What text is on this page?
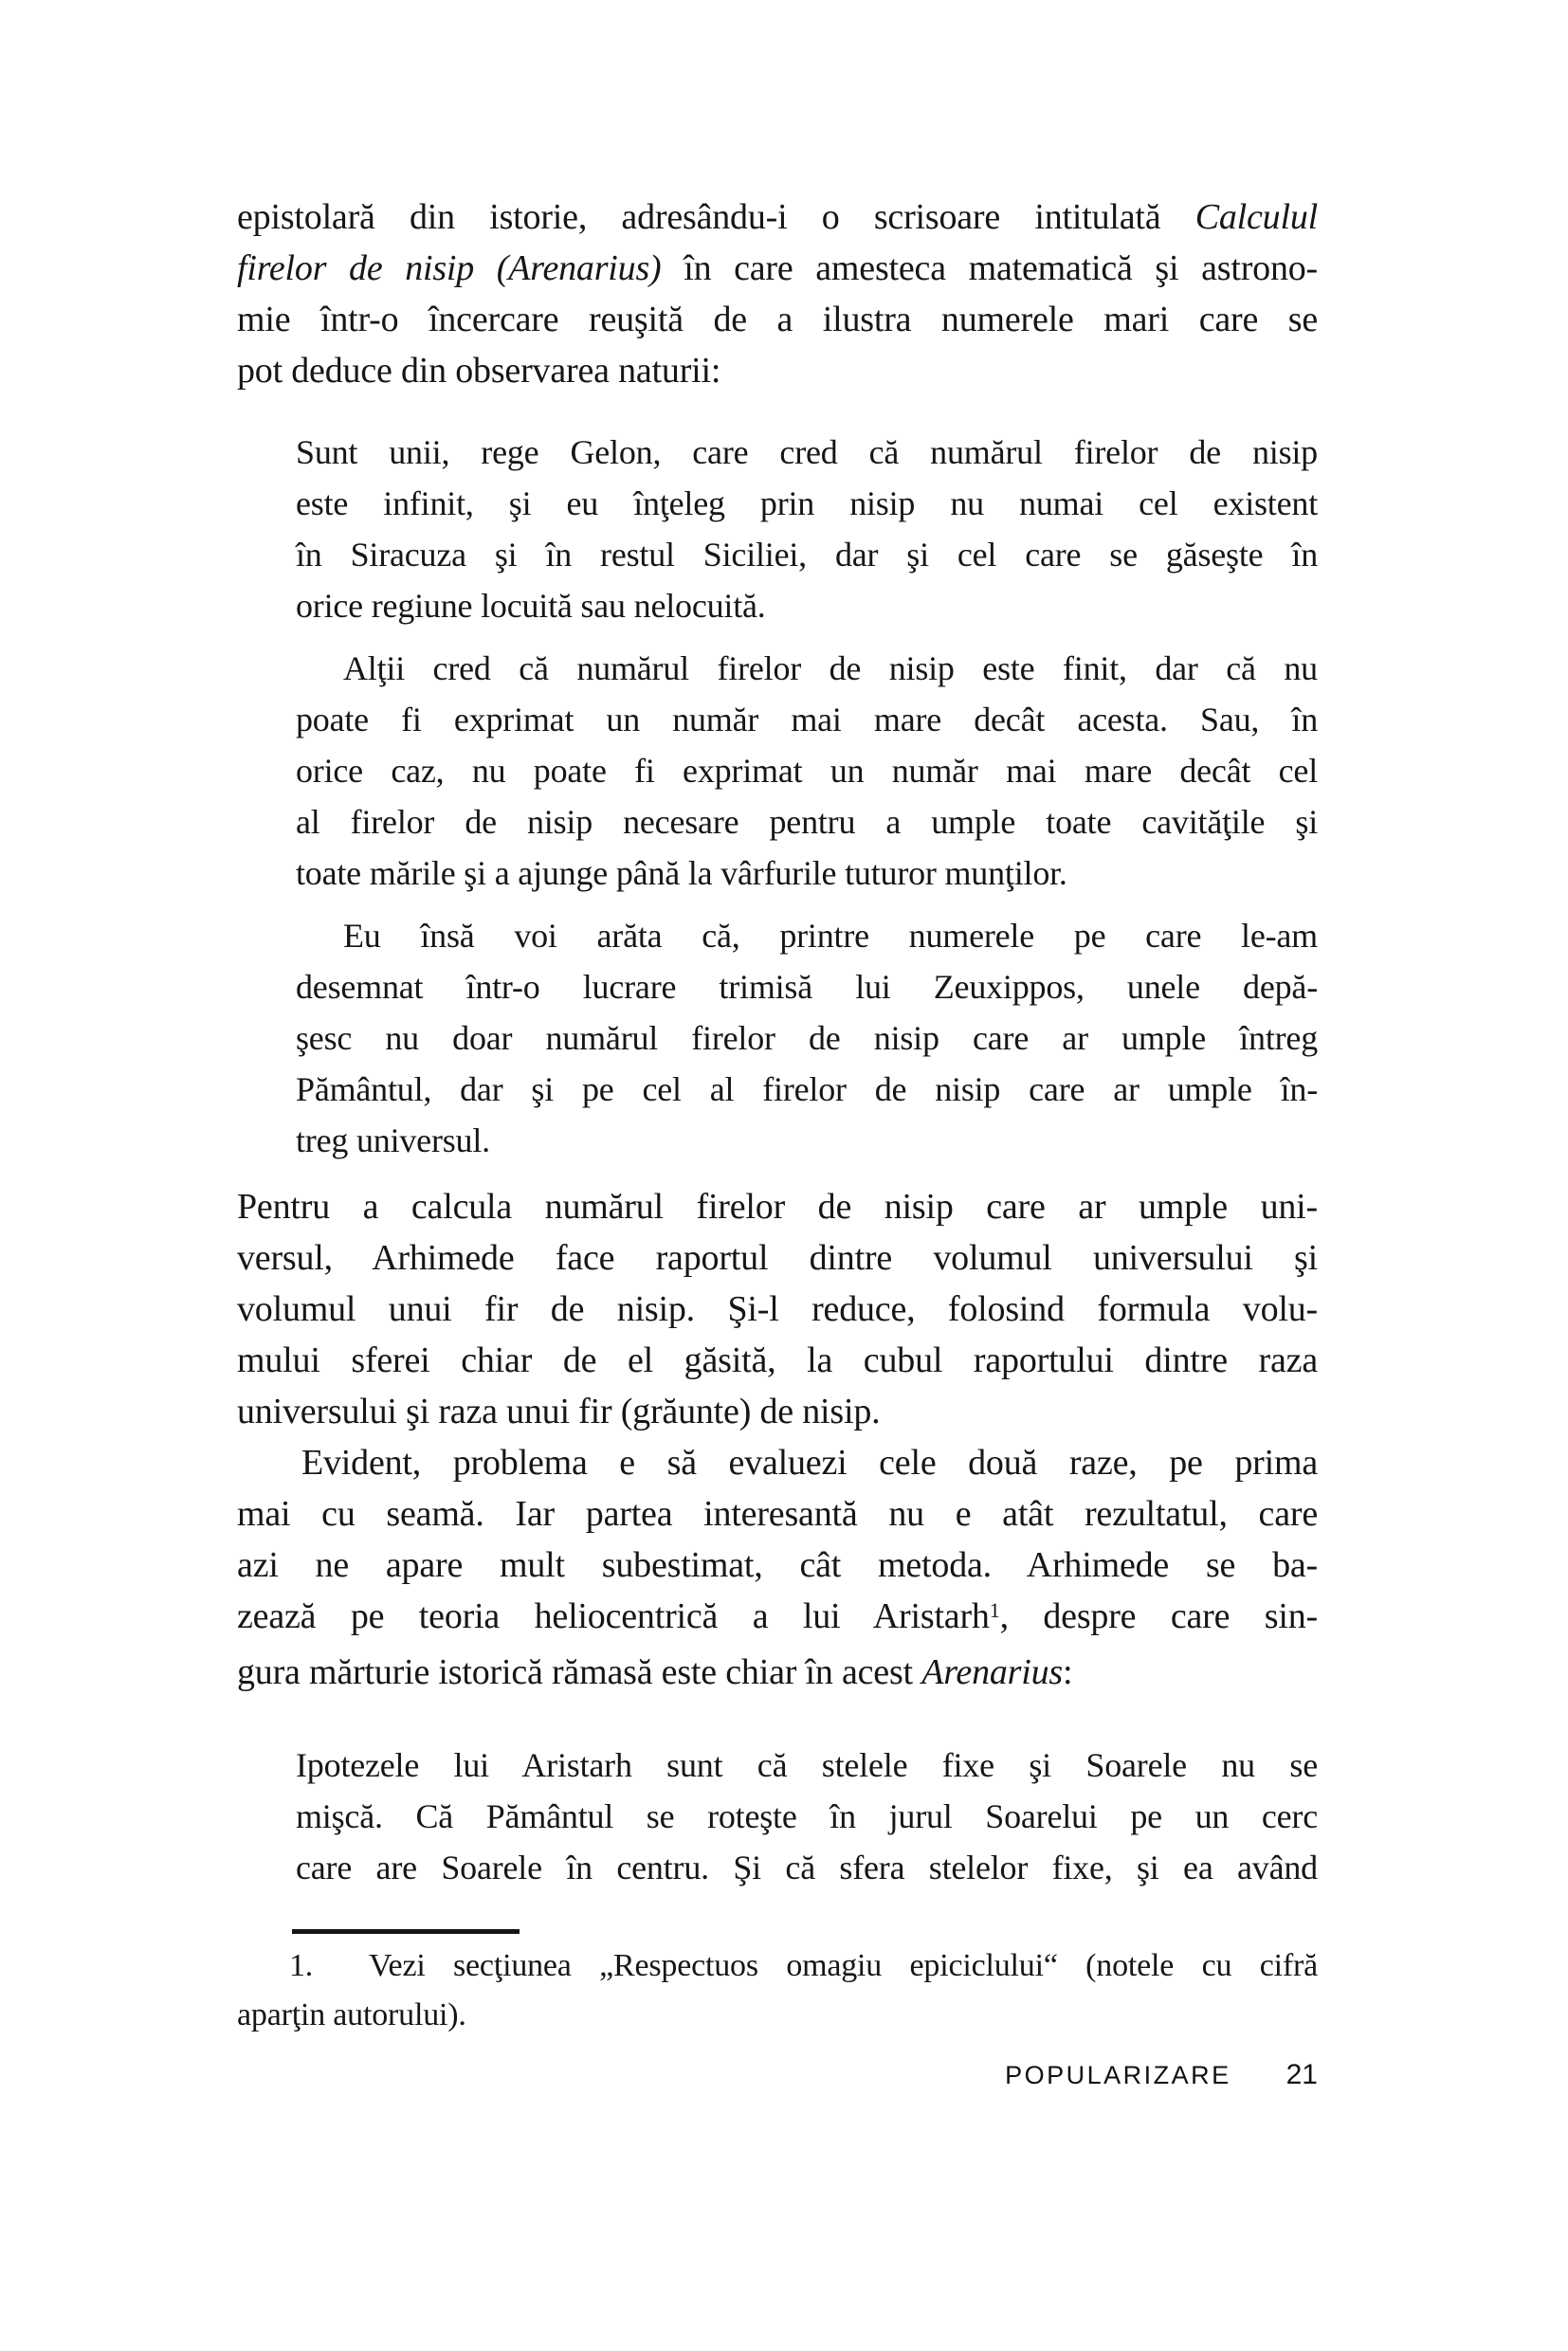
epistolară din istorie, adresându-i o scrisoare intitulată Calculul
firelor de nisip (Arenarius) în care amesteca matematică şi astrono-
mie într-o încercare reuşită de a ilustra numerele mari care se
pot deduce din observarea naturii:
Sunt unii, rege Gelon, care cred că numărul firelor de nisip
este infinit, şi eu înţeleg prin nisip nu numai cel existent
în Siracuza şi în restul Siciliei, dar şi cel care se găseşte în
orice regiune locuită sau nelocuită.
Alţii cred că numărul firelor de nisip este finit, dar că nu
poate fi exprimat un număr mai mare decât acesta. Sau, în
orice caz, nu poate fi exprimat un număr mai mare decât cel
al firelor de nisip necesare pentru a umple toate cavităţile şi
toate mările şi a ajunge până la vârfurile tuturor munţilor.
Eu însă voi arăta că, printre numerele pe care le-am
desemnat într-o lucrare trimisă lui Zeuxippos, unele depă-
şesc nu doar numărul firelor de nisip care ar umple întreg
Pământul, dar şi pe cel al firelor de nisip care ar umple în-
treg universul.
Pentru a calcula numărul firelor de nisip care ar umple uni-
versul, Arhimede face raportul dintre volumul universului şi
volumul unui fir de nisip. Şi-l reduce, folosind formula volu-
mului sferei chiar de el găsită, la cubul raportului dintre raza
universului şi raza unui fir (grăunte) de nisip.
Evident, problema e să evaluezi cele două raze, pe prima
mai cu seamă. Iar partea interesantă nu e atât rezultatul, care
azi ne apare mult subestimat, cât metoda. Arhimede se ba-
zează pe teoria heliocentrică a lui Aristarh$^1$, despre care sin-
gura mărturie istorică rămasă este chiar în acest Arenarius:
Ipotezele lui Aristarh sunt că stelele fixe şi Soarele nu se
mişcă. Că Pământul se roteşte în jurul Soarelui pe un cerc
care are Soarele în centru. Şi că sfera stelelor fixe, şi ea având
1.  Vezi secţiunea „Respectuos omagiu epiciclului“ (notele cu cifră
aparţin autorului).
POPULARIZARE 21
